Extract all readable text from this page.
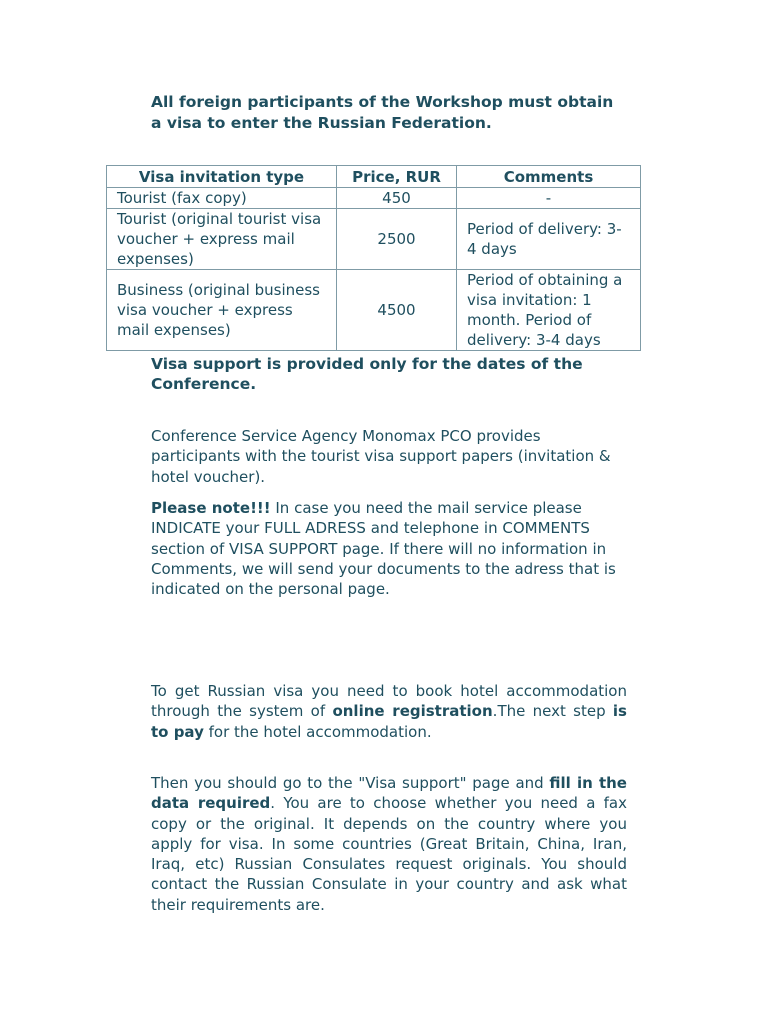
All foreign participants of the Workshop must obtain a visa to enter the Russian Federation.
Visa invitation type	Price, RUR	Comments
Tourist (fax copy)	450	-
Tourist (original tourist visa voucher + express mail expenses)	2500	Period of delivery: 3-4 days
Business (original business visa voucher + express mail expenses)	4500	Period of obtaining a visa invitation: 1 month. Period of delivery: 3-4 days

Visa support is provided only for the dates of the Conference.

Conference Service Agency Monomax PCO provides participants with the tourist visa support papers (invitation & hotel voucher).

Please note!!! In case you need the mail service please INDICATE your FULL ADRESS and telephone in COMMENTS section of VISA SUPPORT page. If there will no information in Comments, we will send your documents to the adress that is indicated on the personal page.

To get Russian visa you need to book hotel accommodation through the system of online registration.The next step is to pay for the hotel accommodation.

Then you should go to the "Visa support" page and fill in the data required. You are to choose whether you need a fax copy or the original. It depends on the country where you apply for visa. In some countries (Great Britain, China, Iran, Iraq, etc) Russian Consulates request originals. You should contact the Russian Consulate in your country and ask what their requirements are.
